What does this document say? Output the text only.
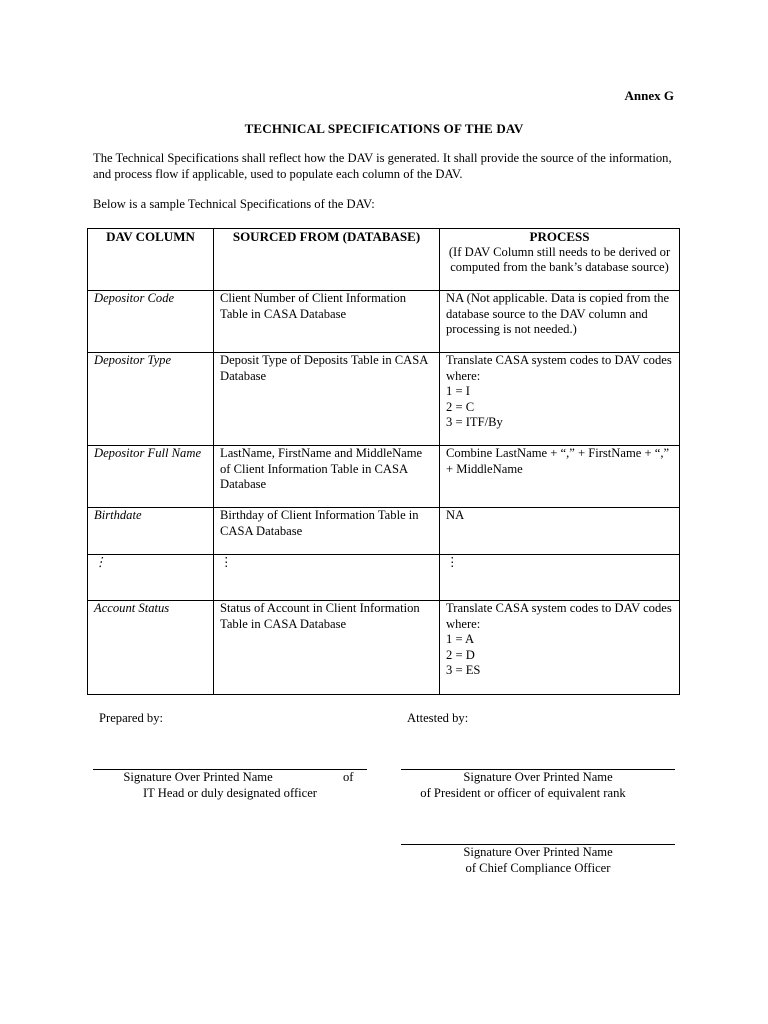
Annex G
TECHNICAL SPECIFICATIONS OF THE DAV
The Technical Specifications shall reflect how the DAV is generated. It shall provide the source of the information, and process flow if applicable, used to populate each column of the DAV.
Below is a sample Technical Specifications of the DAV:
DAV COLUMN	SOURCED FROM (DATABASE)	PROCESS
(If DAV Column still needs to be derived or computed from the bank’s database source)

Depositor Code	Client Number of Client Information Table in CASA Database	NA (Not applicable. Data is copied from the database source to the DAV column and processing is not needed.)

Depositor Type	Deposit Type of Deposits Table in CASA Database	Translate CASA system codes to DAV codes where:
1 = I
2 = C
3 = ITF/By

Depositor Full Name	LastName, FirstName and MiddleName of Client Information Table in CASA Database	Combine LastName + “,” + FirstName + “,” + MiddleName

Birthdate	Birthday of Client Information Table in CASA Database	NA

⋮	⋮	⋮

Account Status	Status of Account in Client Information Table in CASA Database	Translate CASA system codes to DAV codes where:
1 = A
2 = D
3 = ES
Prepared by:	Attested by:
Signature Over Printed Name	of
IT Head or duly designated officer
Signature Over Printed Name
of President or officer of equivalent rank
Signature Over Printed Name
of Chief Compliance Officer
